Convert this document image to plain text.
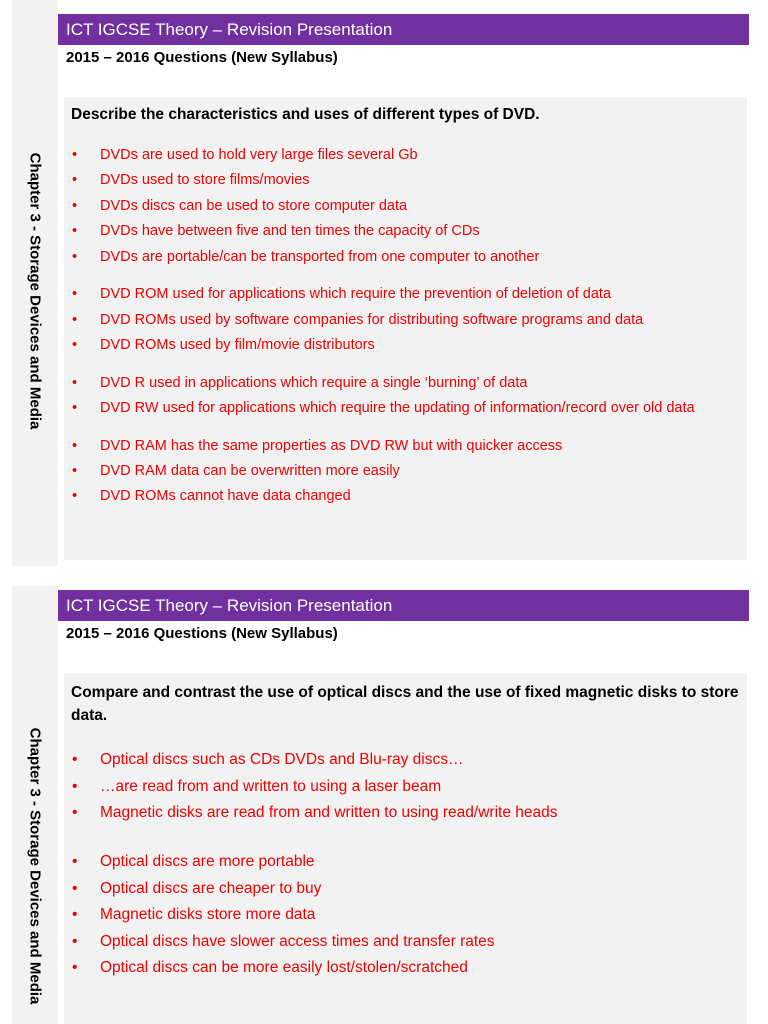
Chapter 3 - Storage Devices and Media
ICT IGCSE Theory – Revision Presentation
2015 – 2016 Questions (New Syllabus)

Describe the characteristics and uses of different types of DVD.

• DVDs are used to hold very large files several Gb
• DVDs used to store films/movies
• DVDs discs can be used to store computer data
• DVDs have between five and ten times the capacity of CDs
• DVDs are portable/can be transported from one computer to another
• DVD ROM used for applications which require the prevention of deletion of data
• DVD ROMs used by software companies for distributing software programs and data
• DVD ROMs used by film/movie distributors
• DVD R used in applications which require a single ‘burning’ of data
• DVD RW used for applications which require the updating of information/record over old data
• DVD RAM has the same properties as DVD RW but with quicker access
• DVD RAM data can be overwritten more easily
• DVD ROMs cannot have data changed
Chapter 3 - Storage Devices and Media
ICT IGCSE Theory – Revision Presentation
2015 – 2016 Questions (New Syllabus)

Compare and contrast the use of optical discs and the use of fixed magnetic disks to store data.

• Optical discs such as CDs DVDs and Blu-ray discs…
• …are read from and written to using a laser beam
• Magnetic disks are read from and written to using read/write heads
• Optical discs are more portable
• Optical discs are cheaper to buy
• Magnetic disks store more data
• Optical discs have slower access times and transfer rates
• Optical discs can be more easily lost/stolen/scratched
